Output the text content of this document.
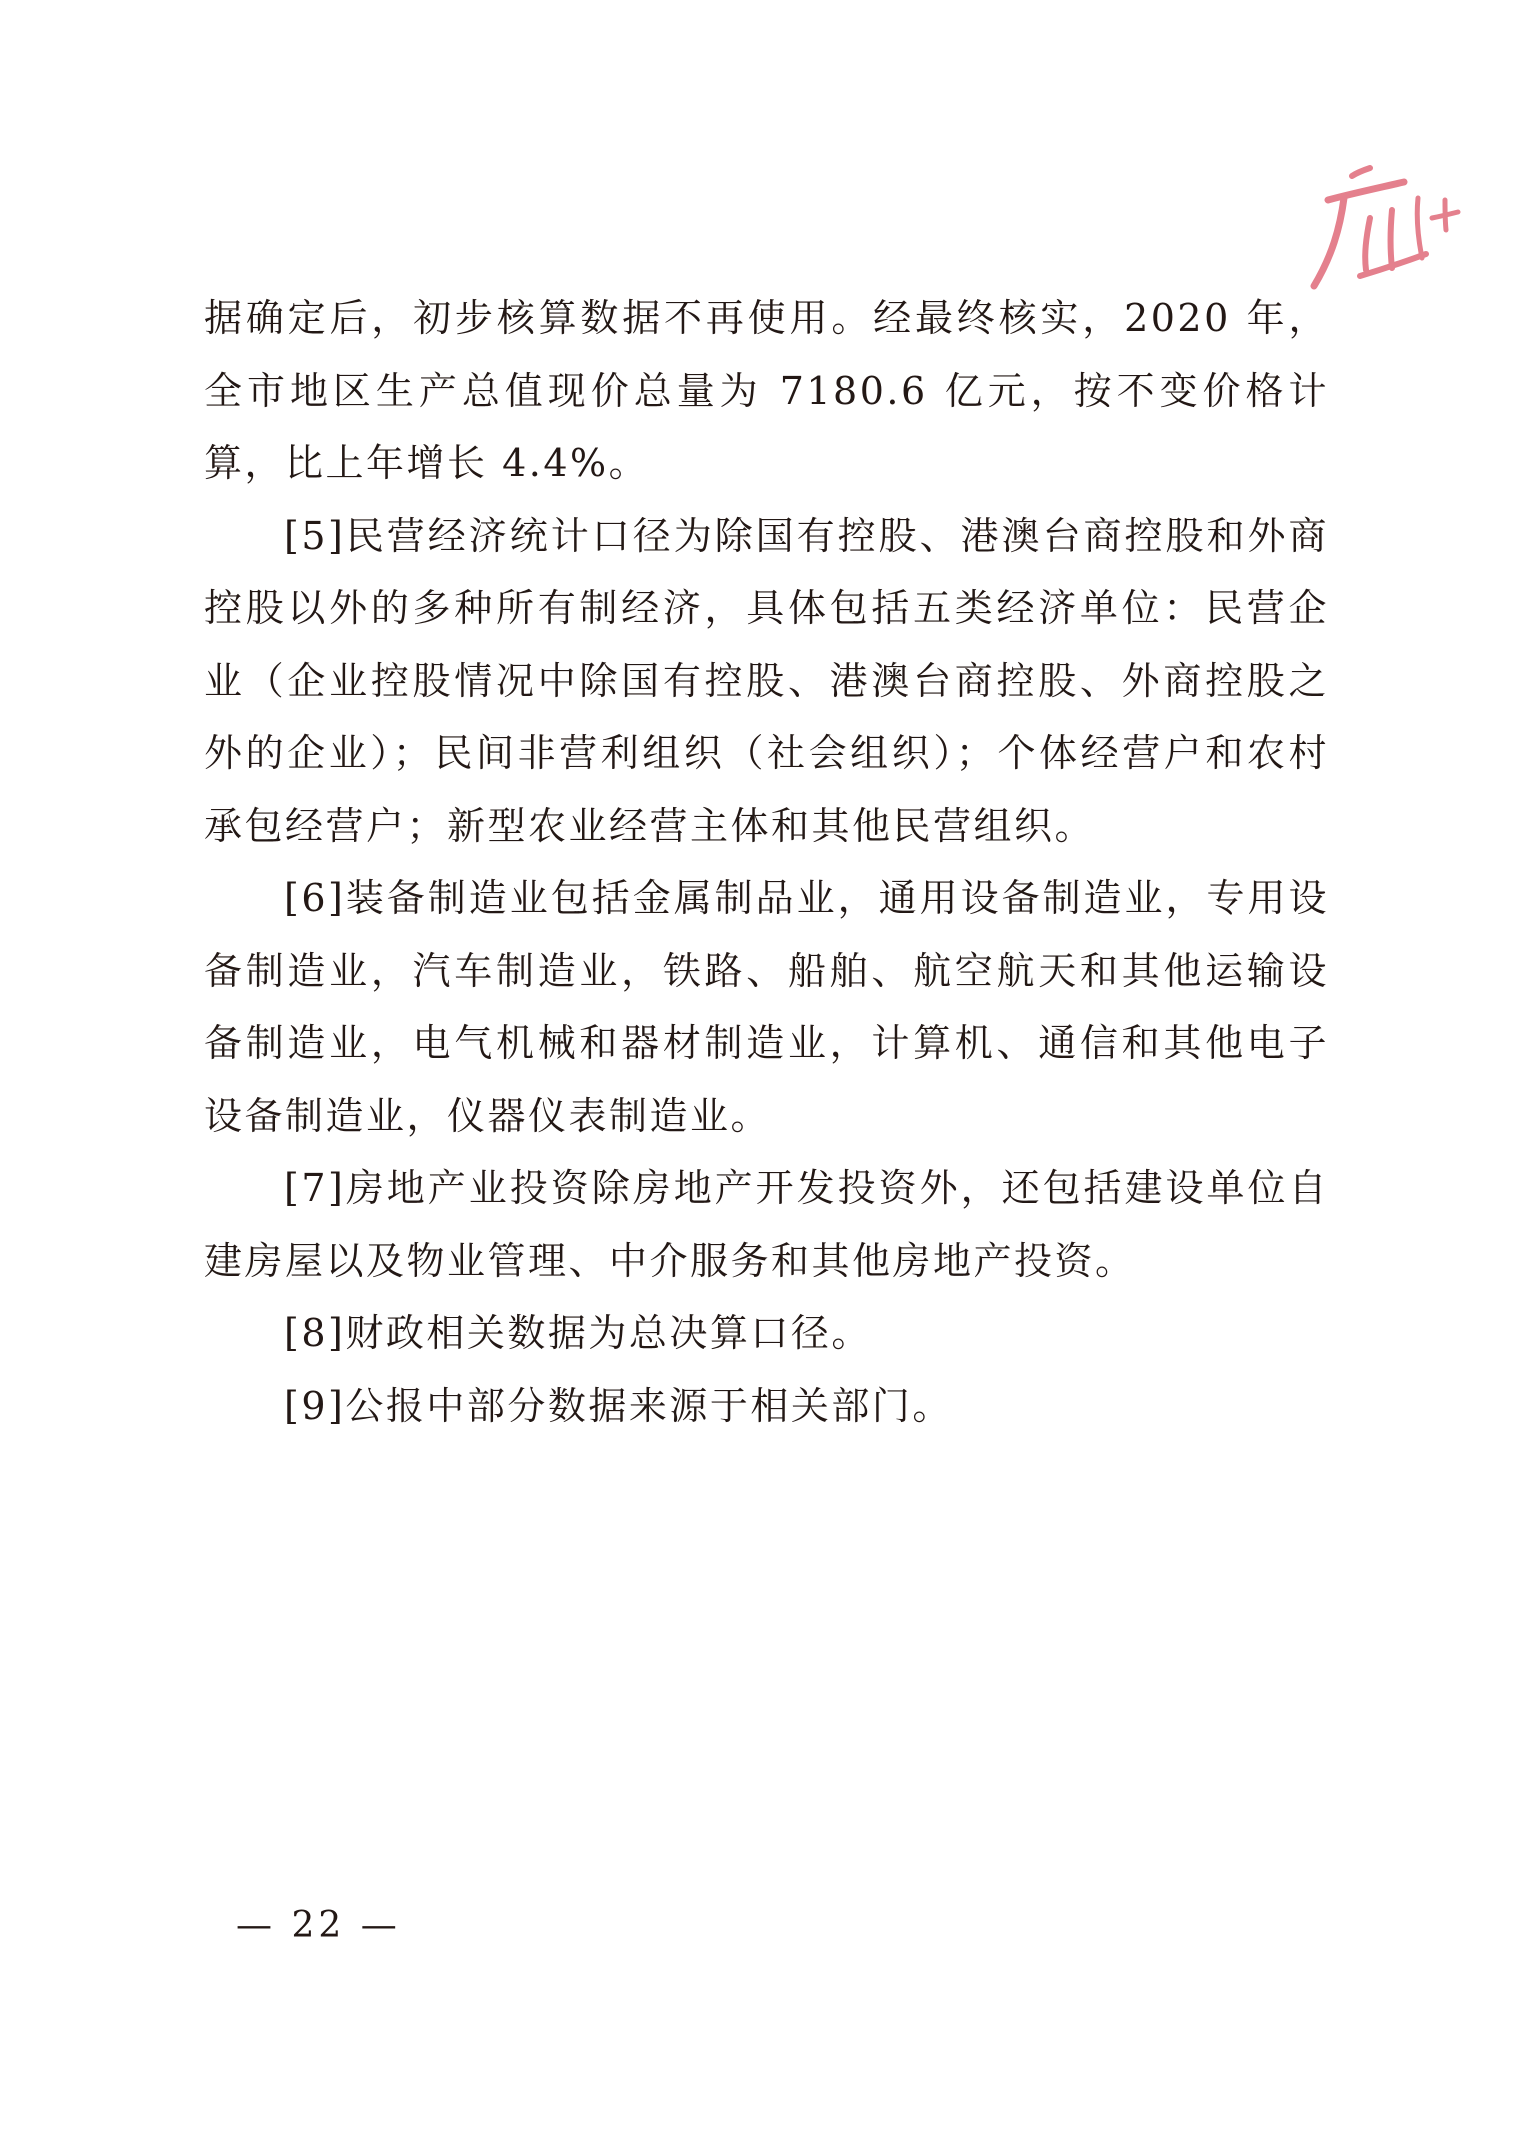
据确定后，初步核算数据不再使用。经最终核实，2020 年，全市地区生产总值现价总量为 7180.6 亿元，按不变价格计算，比上年增长 4.4%。

[5]民营经济统计口径为除国有控股、港澳台商控股和外商控股以外的多种所有制经济，具体包括五类经济单位：民营企业（企业控股情况中除国有控股、港澳台商控股、外商控股之外的企业）；民间非营利组织（社会组织）；个体经营户和农村承包经营户；新型农业经营主体和其他民营组织。

[6]装备制造业包括金属制品业，通用设备制造业，专用设备制造业，汽车制造业，铁路、船舶、航空航天和其他运输设备制造业，电气机械和器材制造业，计算机、通信和其他电子设备制造业，仪器仪表制造业。

[7]房地产业投资除房地产开发投资外，还包括建设单位自建房屋以及物业管理、中介服务和其他房地产投资。

[8]财政相关数据为总决算口径。

[9]公报中部分数据来源于相关部门。

— 22 —
